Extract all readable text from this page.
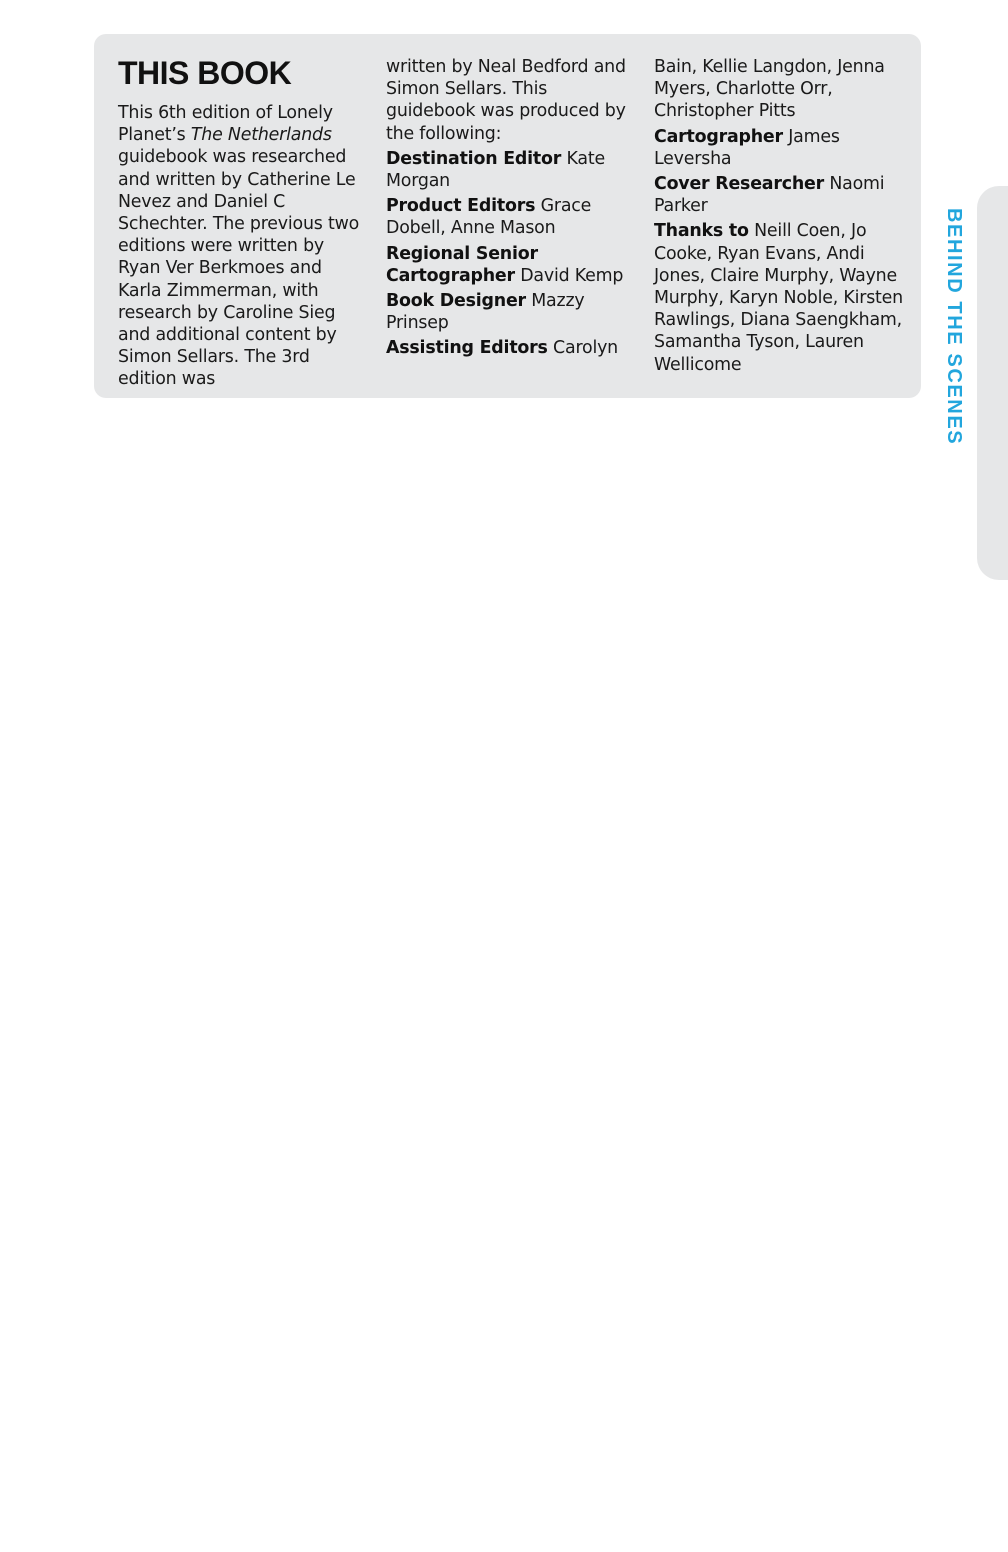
THIS BOOK

This 6th edition of Lonely Planet’s The Netherlands guidebook was researched and written by Catherine Le Nevez and Daniel C Schechter. The previous two editions were written by Ryan Ver Berkmoes and Karla Zimmerman, with research by Caroline Sieg and additional content by Simon Sellars. The 3rd edition was

written by Neal Bedford and Simon Sellars. This guidebook was produced by the following:

Destination Editor Kate Morgan

Product Editors Grace Dobell, Anne Mason

Regional Senior Cartographer David Kemp

Book Designer Mazzy Prinsep

Assisting Editors Carolyn

Bain, Kellie Langdon, Jenna Myers, Charlotte Orr, Christopher Pitts

Cartographer James Leversha

Cover Researcher Naomi Parker

Thanks to Neill Coen, Jo Cooke, Ryan Evans, Andi Jones, Claire Murphy, Wayne Murphy, Karyn Noble, Kirsten Rawlings, Diana Saengkham, Samantha Tyson, Lauren Wellicome	BEHIND THE SCENES
